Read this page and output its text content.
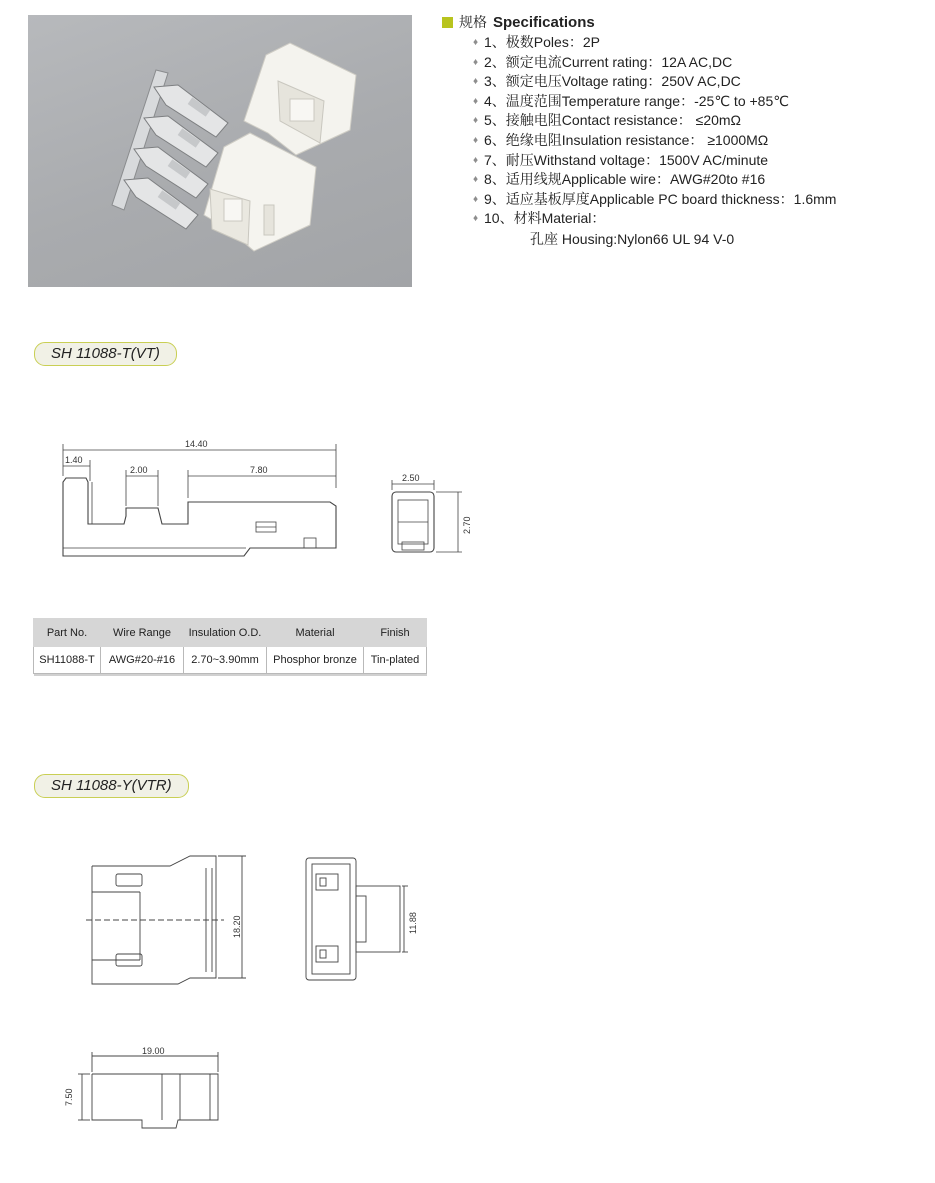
规格 Specifications
♦ 1、极数Poles：2P
♦ 2、额定电流Current rating：12A AC,DC
♦ 3、额定电压Voltage rating：250V AC,DC
♦ 4、温度范围Temperature range：-25℃ to +85℃
♦ 5、接触电阻Contact resistance： ≤20mΩ
♦ 6、绝缘电阻Insulation resistance： ≥1000MΩ
♦ 7、耐压Withstand voltage：1500V AC/minute
♦ 8、适用线规Applicable wire：AWG#20to #16
♦ 9、适应基板厚度Applicable PC board thickness：1.6mm
♦ 10、材料Material：
孔座 Housing:Nylon66 UL 94 V-0
SH 11088-T(VT)
14.40
1.40
2.00	7.80
2.50
2.70
Part No.	Wire Range	Insulation O.D.	Material	Finish
SH11088-T	AWG#20-#16	2.70~3.90mm	Phosphor bronze	Tin-plated

SH 11088-Y(VTR)
18.20	11.88
19.00
7.50
